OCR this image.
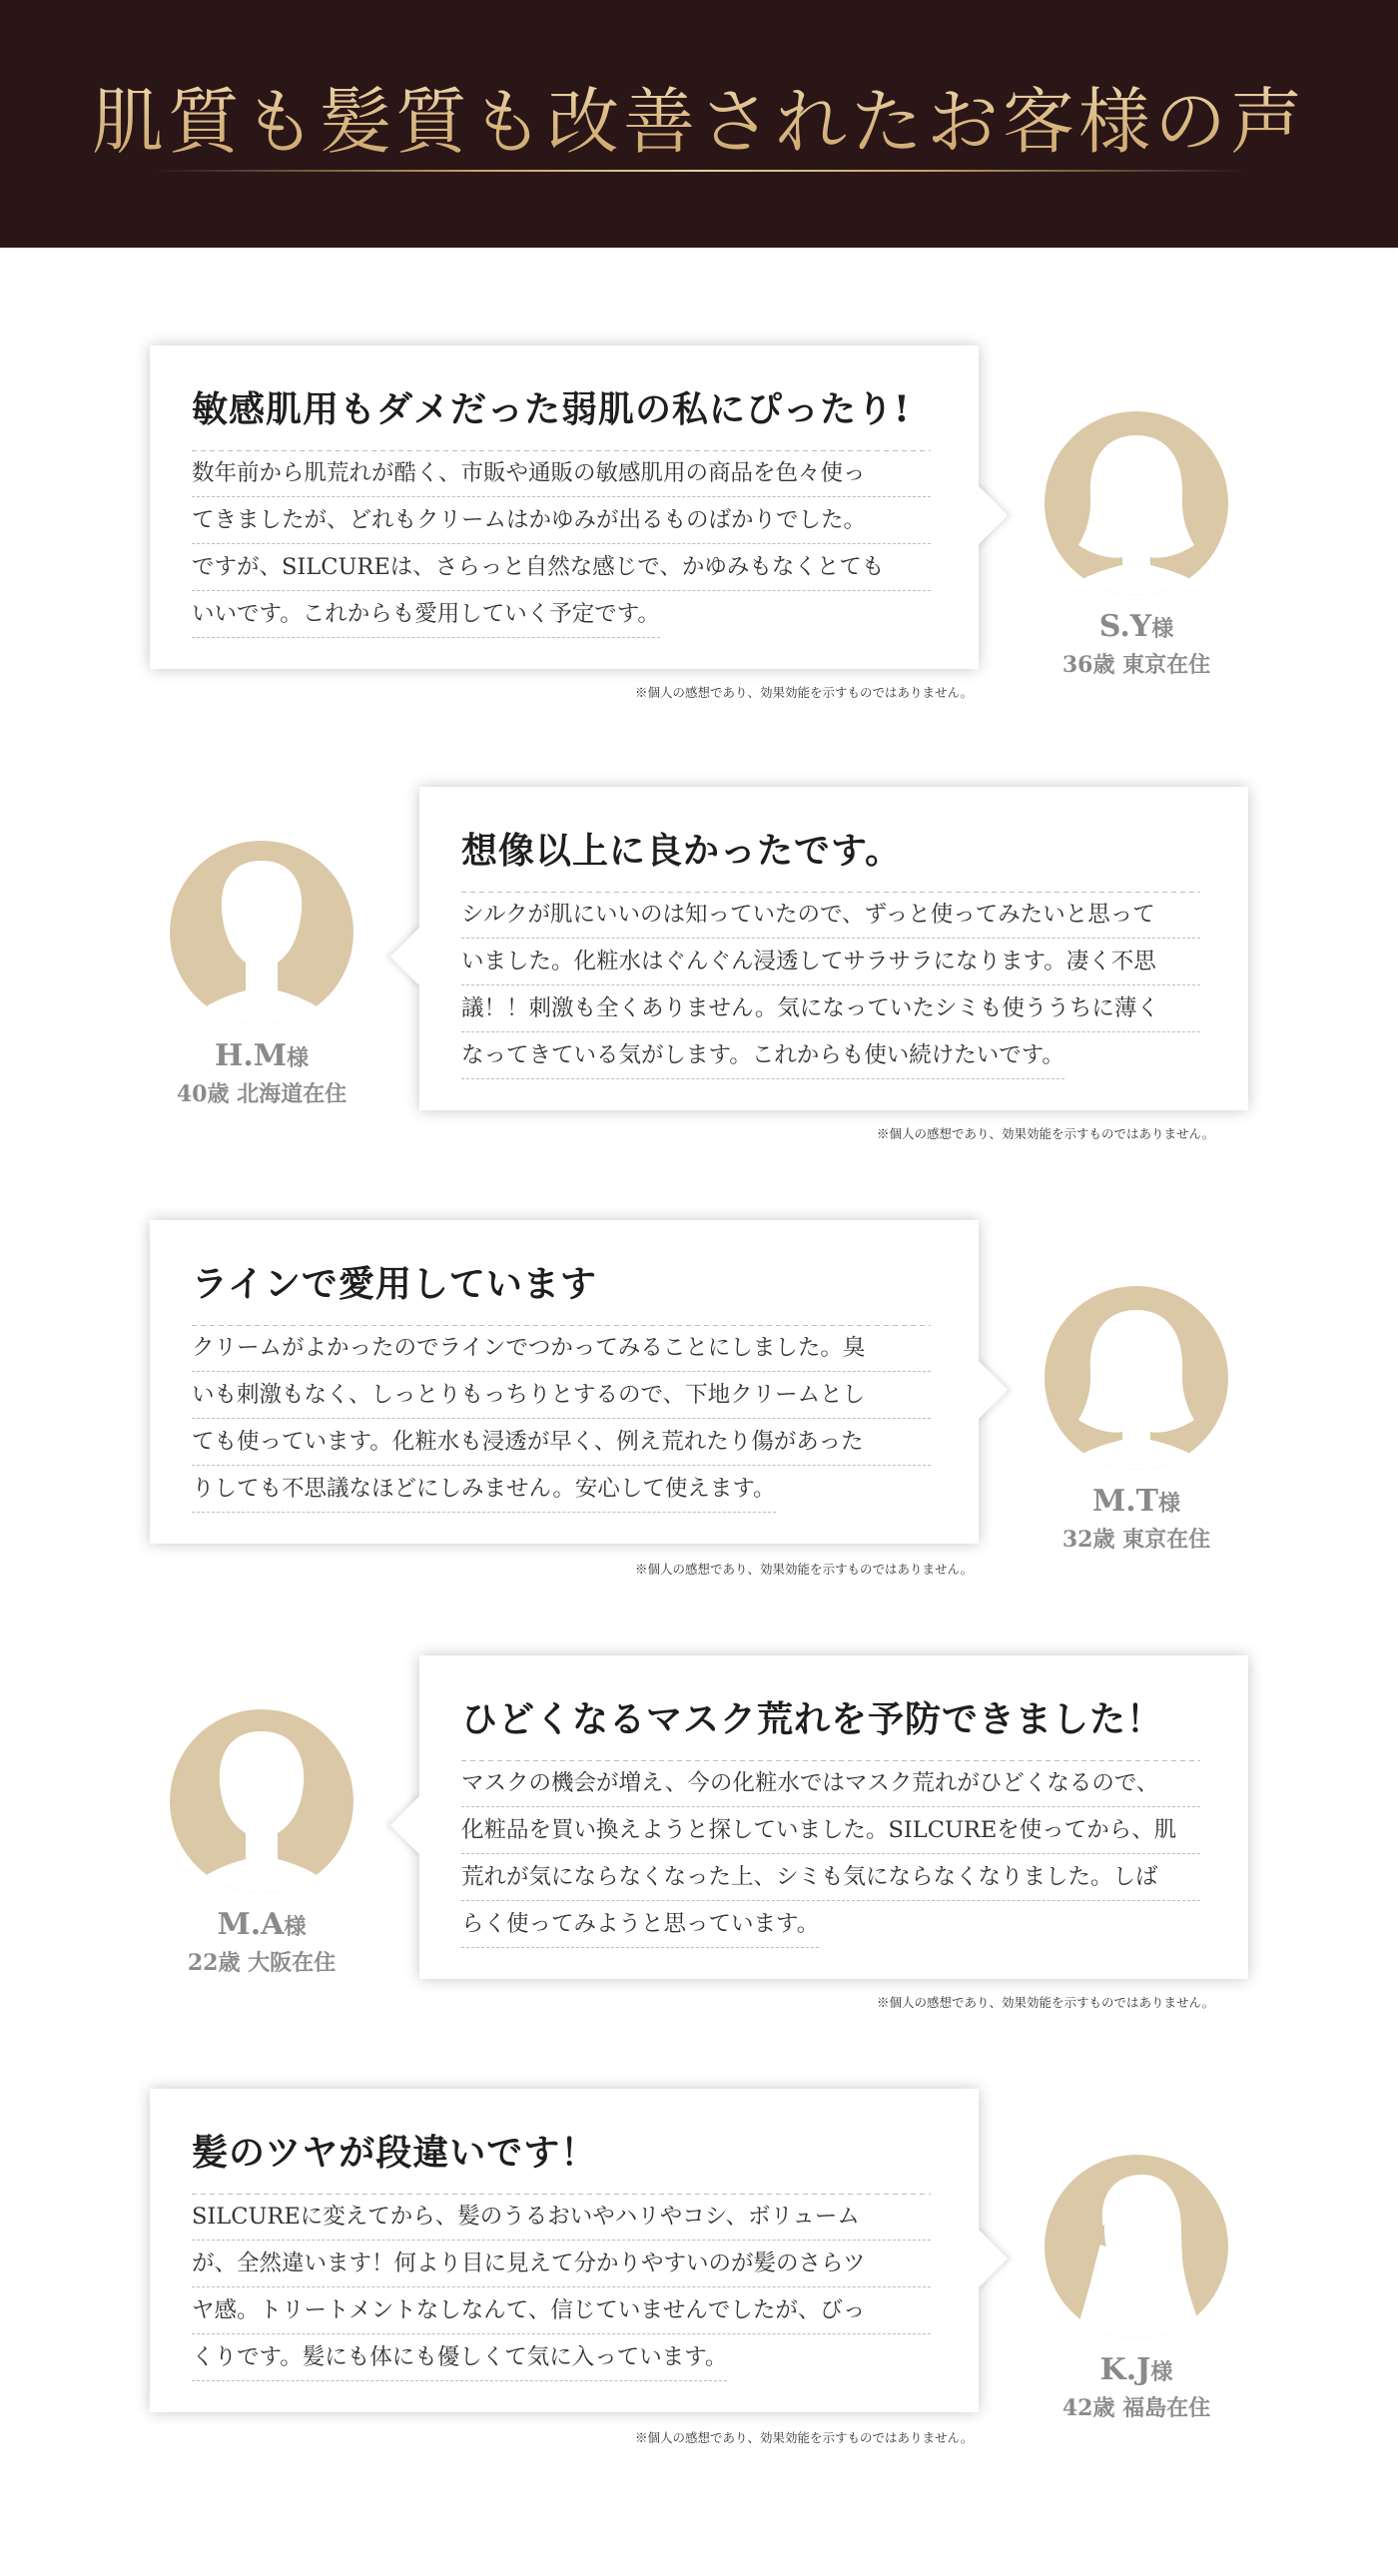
肌質も髪質も改善されたお客様の声
敏感肌用もダメだった弱肌の私にぴったり!

数年前から肌荒れが酷く、市販や通販の敏感肌用の商品を色々使っ
てきましたが、どれもクリームはかゆみが出るものばかりでした。
ですが、SILCUREは、さらっと自然な感じで、かゆみもなくとても
いいです。これからも愛用していく予定です。

※個人の感想であり、効果効能を示すものではありません。
S.Y様
36歳 東京在住
H.M様
40歳 北海道在住
想像以上に良かったです。

シルクが肌にいいのは知っていたので、ずっと使ってみたいと思って
いました。化粧水はぐんぐん浸透してサラサラになります。凄く不思
議！！刺激も全くありません。気になっていたシミも使ううちに薄く
なってきている気がします。これからも使い続けたいです。

※個人の感想であり、効果効能を示すものではありません。
ラインで愛用しています

クリームがよかったのでラインでつかってみることにしました。臭
いも刺激もなく、しっとりもっちりとするので、下地クリームとし
ても使っています。化粧水も浸透が早く、例え荒れたり傷があった
りしても不思議なほどにしみません。安心して使えます。

※個人の感想であり、効果効能を示すものではありません。
M.T様
32歳 東京在住
M.A様
22歳 大阪在住
ひどくなるマスク荒れを予防できました！

マスクの機会が増え、今の化粧水ではマスク荒れがひどくなるので、
化粧品を買い換えようと探していました。SILCUREを使ってから、肌
荒れが気にならなくなった上、シミも気にならなくなりました。しば
らく使ってみようと思っています。

※個人の感想であり、効果効能を示すものではありません。
髪のツヤが段違いです！

SILCUREに変えてから、髪のうるおいやハリやコシ、ボリューム
が、全然違います！何より目に見えて分かりやすいのが髪のさらツ
ヤ感。トリートメントなしなんて、信じていませんでしたが、びっ
くりです。髪にも体にも優しくて気に入っています。

※個人の感想であり、効果効能を示すものではありません。
K.J様
42歳 福島在住
